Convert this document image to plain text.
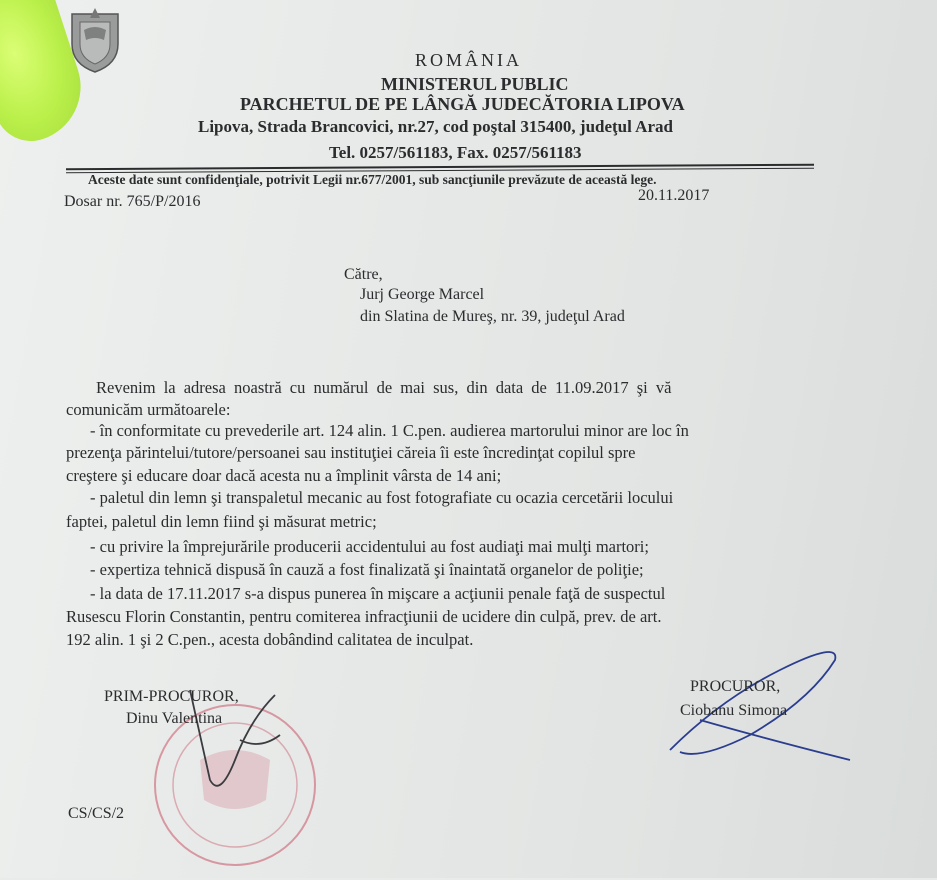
ROMÂNIA
MINISTERUL PUBLIC
PARCHETUL DE PE LÂNGĂ JUDECĂTORIA LIPOVA
Lipova, Strada Brancovici, nr.27, cod poştal 315400, judeţul Arad
Tel. 0257/561183, Fax. 0257/561183
Aceste date sunt confidenţiale, potrivit Legii nr.677/2001, sub sancţiunile prevăzute de această lege.
Dosar nr. 765/P/2016	20.11.2017
Către,
Jurj George Marcel
din Slatina de Mureş, nr. 39, judeţul Arad
Revenim la adresa noastră cu numărul de mai sus, din data de 11.09.2017 şi vă
comunicăm următoarele:
- în conformitate cu prevederile art. 124 alin. 1 C.pen. audierea martorului minor are loc în
prezenţa părintelui/tutore/persoanei sau instituţiei căreia îi este încredinţat copilul spre
creştere şi educare doar dacă acesta nu a împlinit vârsta de 14 ani;
- paletul din lemn şi transpaletul mecanic au fost fotografiate cu ocazia cercetării locului
faptei, paletul din lemn fiind şi măsurat metric;
- cu privire la împrejurările producerii accidentului au fost audiaţi mai mulţi martori;
- expertiza tehnică dispusă în cauză a fost finalizată şi înaintată organelor de poliţie;
- la data de 17.11.2017 s-a dispus punerea în mişcare a acţiunii penale faţă de suspectul
Rusescu Florin Constantin, pentru comiterea infracţiunii de ucidere din culpă, prev. de art.
192 alin. 1 şi 2 C.pen., acesta dobândind calitatea de inculpat.
PRIM-PROCUROR,
Dinu Valentina
PROCUROR,
Ciobanu Simona
CS/CS/2
